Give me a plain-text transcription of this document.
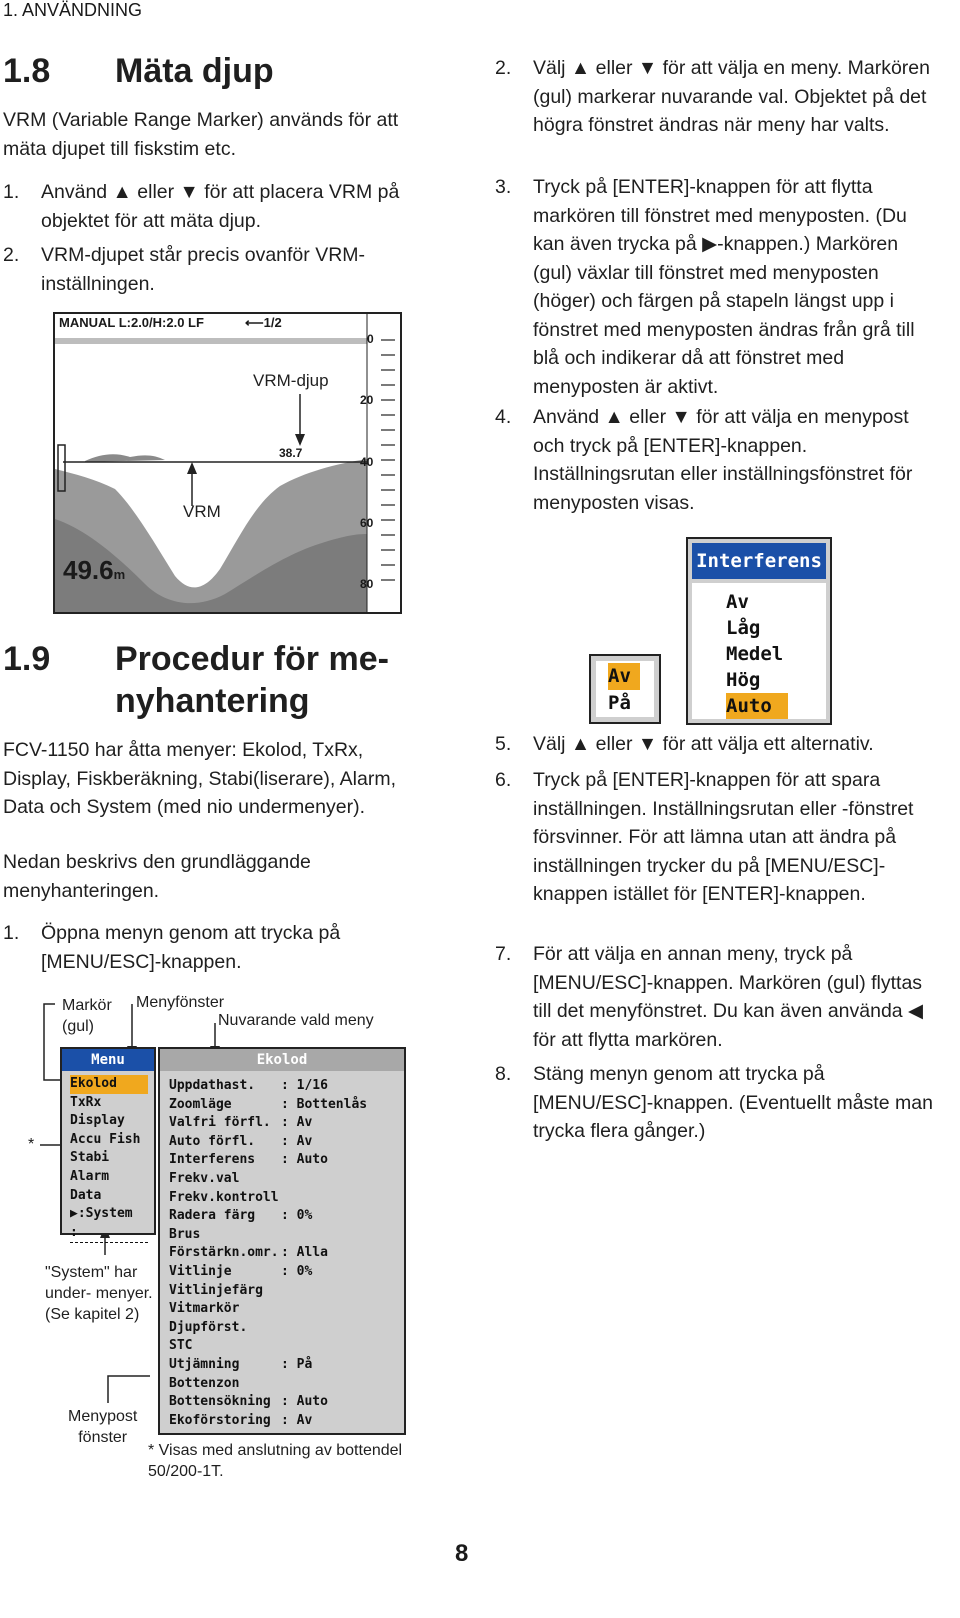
1. ANVÄNDNING
1.8 Mäta djup
VRM (Variable Range Marker) används för att mäta djupet till fiskstim etc.
1. Använd ▲ eller ▼ för att placera VRM på objektet för att mäta djup.
2. VRM-djupet står precis ovanför VRM-inställningen.
MANUAL L:2.0/H:2.0 LF	⟵1/2
0
20
40
60
80
38.7
49.6m
VRM-djup
VRM
1.9 Procedur för me-
nyhantering
FCV-1150 har åtta menyer: Ekolod, TxRx, Display, Fiskberäkning, Stabi(liserare), Alarm, Data och System (med nio undermenyer).
Nedan beskrivs den grundläggande menyhanteringen.
1. Öppna menyn genom att trycka på [MENU/ESC]-knappen.
Markör
(gul)
Menyfönster
Nuvarande vald meny
*
"System" har
under- menyer.
(Se kapitel 2)
Menypost
fönster
* Visas med anslutning av bottendel
50/200-1T.
Menu
Ekolod
TxRx
Display
Accu Fish
Stabi
Alarm
Data
▶:System :
Ekolod
Uppdathast. : 1/16
Zoomläge	: Bottenlås
Valfri förfl. : Av
Auto förfl. : Av
Interferens : Auto
Frekv.val
Frekv.kontroll
Radera färg : 0%
Brus
Förstärkn.omr. : Alla
Vitlinje	: 0%
Vitlinjefärg
Vitmarkör
Djupförst.
STC
Utjämning	: På
Bottenzon
Bottensökning : Auto
Ekoförstoring : Av
2. Välj ▲ eller ▼ för att välja en meny. Markören (gul) markerar nuvarande val. Objektet på det högra fönstret ändras när meny har valts.
3. Tryck på [ENTER]-knappen för att flytta markören till fönstret med menyposten. (Du kan även trycka på ▶-knappen.) Markören (gul) växlar till fönstret med menyposten (höger) och färgen på stapeln längst upp i fönstret med menyposten ändras från grå till blå och indikerar då att fönstret med menyposten är aktivt.
4. Använd ▲ eller ▼ för att välja en menypost och tryck på [ENTER]-knappen. Inställningsrutan eller inställningsfönstret för menyposten visas.
Av
På
Interferens
Av
Låg
Medel
Hög
Auto
5. Välj ▲ eller ▼ för att välja ett alternativ.
6. Tryck på [ENTER]-knappen för att spara inställningen. Inställningsrutan eller -fönstret försvinner. För att lämna utan att ändra på inställningen trycker du på [MENU/ESC]-knappen istället för [ENTER]-knappen.
7. För att välja en annan meny, tryck på [MENU/ESC]-knappen. Markören (gul) flyttas till det menyfönstret. Du kan även använda ◀ för att flytta markören.
8. Stäng menyn genom att trycka på [MENU/ESC]-knappen. (Eventuellt måste man trycka flera gånger.)
8
